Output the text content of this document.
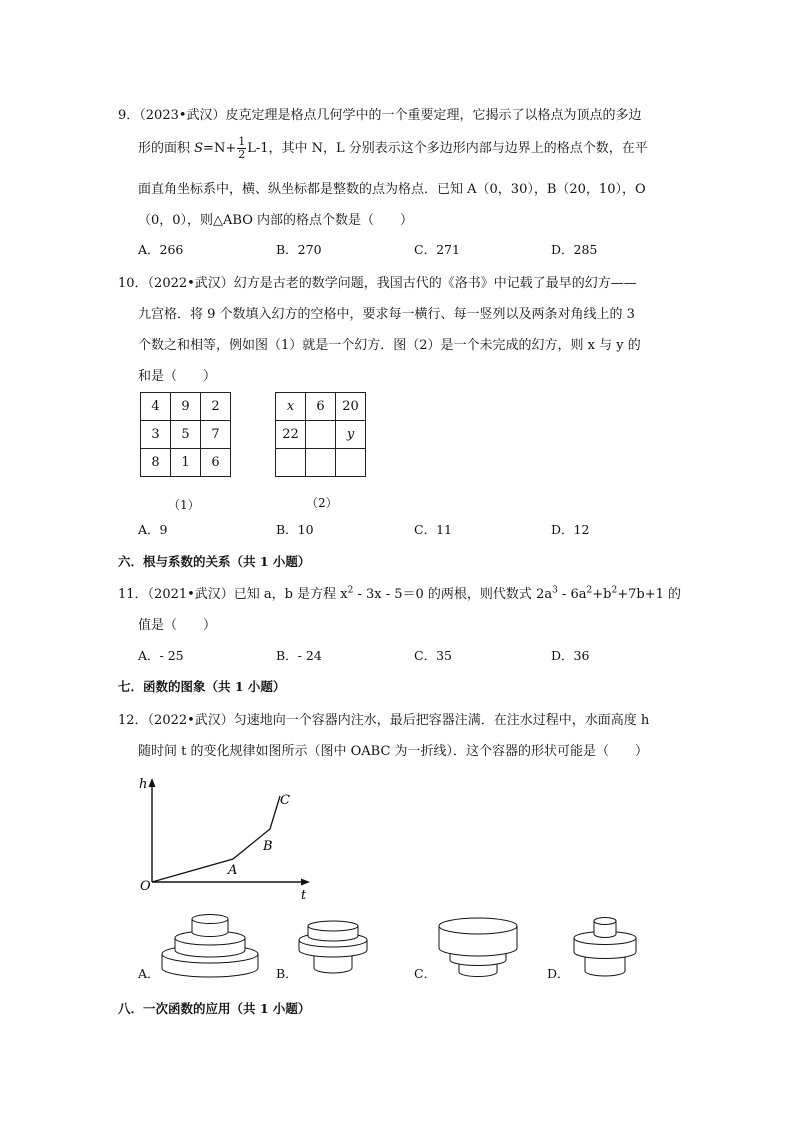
9．（2023•武汉）皮克定理是格点几何学中的一个重要定理，它揭示了以格点为顶点的多边
形的面积 $S=N+ \frac{1}{2} L-1$，其中 N，L 分别表示这个多边形内部与边界上的格点个数，在平
面直角坐标系中，横、纵坐标都是整数的点为格点．已知 A（0，30），B（20，10），O
（0，0），则△ABO 内部的格点个数是（　　）
A．266	B．270	C．271	D．285
10．（2022•武汉）幻方是古老的数学问题，我国古代的《洛书》中记载了最早的幻方——
九宫格．将 9 个数填入幻方的空格中，要求每一横行、每一竖列以及两条对角线上的 3
个数之和相等，例如图（1）就是一个幻方．图（2）是一个未完成的幻方，则 x 与 y 的
和是（　　）
4	9	2
3	5	7
8	1	6
x	6	20
22		y

（1）	（2）
A．9	B．10	C．11	D．12
六．根与系数的关系（共 1 小题）
11．（2021•武汉）已知 a，b 是方程 $x^2 - 3x - 5=0$ 的两根，则代数式 $2a^3 - 6a^2+b^2+7b+1$ 的
值是（　　）
A．- 25	B．- 24	C．35	D．36
七．函数的图象（共 1 小题）
12．（2022•武汉）匀速地向一个容器内注水，最后把容器注满．在注水过程中，水面高度 h
随时间 t 的变化规律如图所示（图中 OABC 为一折线）．这个容器的形状可能是（　　）
h
O
t
A
B
C
A．	B．	C．	D．
八．一次函数的应用（共 1 小题）
